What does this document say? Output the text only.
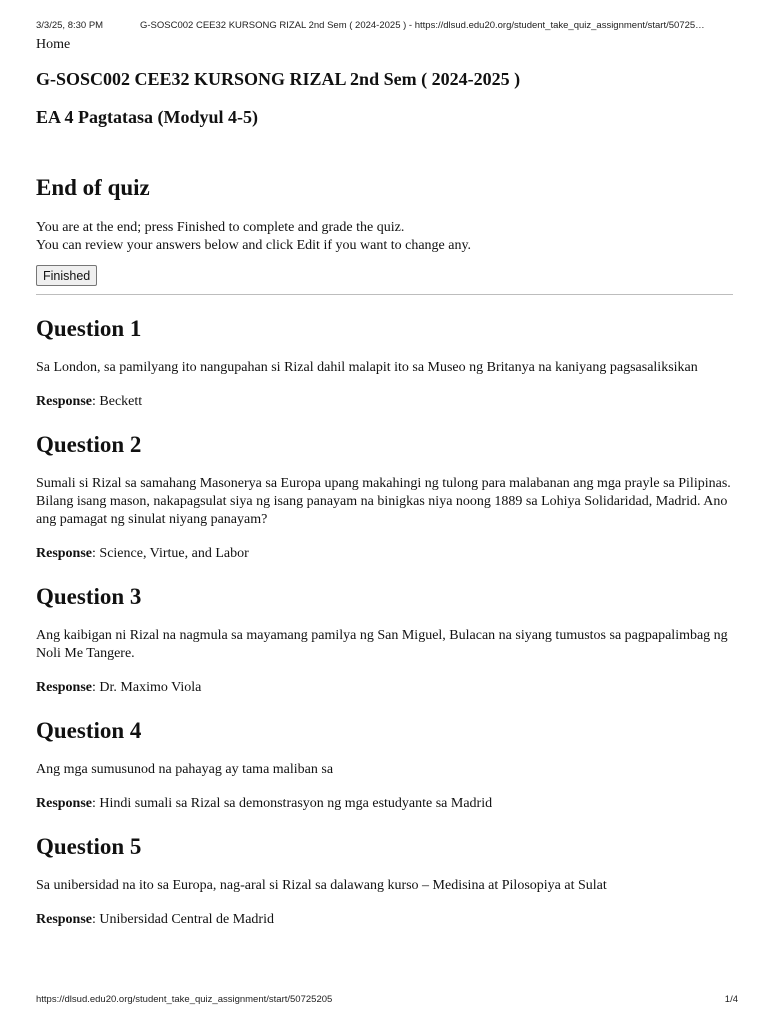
3/3/25, 8:30 PM	G-SOSC002 CEE32 KURSONG RIZAL 2nd Sem ( 2024-2025 ) - https://dlsud.edu20.org/student_take_quiz_assignment/start/50725…
Home
G-SOSC002 CEE32 KURSONG RIZAL 2nd Sem ( 2024-2025 )
EA 4 Pagtatasa (Modyul 4-5)
End of quiz

You are at the end; press Finished to complete and grade the quiz.

You can review your answers below and click Edit if you want to change any.

Finished
Question 1

Sa London, sa pamilyang ito nangupahan si Rizal dahil malapit ito sa Museo ng Britanya na kaniyang pagsasaliksikan

Response: Beckett

Question 2

Sumali si Rizal sa samahang Masonerya sa Europa upang makahingi ng tulong para malabanan ang mga prayle sa Pilipinas. Bilang isang mason, nakapagsulat siya ng isang panayam na binigkas niya noong 1889 sa Lohiya Solidaridad, Madrid. Ano ang pamagat ng sinulat niyang panayam?

Response: Science, Virtue, and Labor

Question 3

Ang kaibigan ni Rizal na nagmula sa mayamang pamilya ng San Miguel, Bulacan na siyang tumustos sa pagpapalimbag ng Noli Me Tangere.

Response: Dr. Maximo Viola

Question 4

Ang mga sumusunod na pahayag ay tama maliban sa

Response: Hindi sumali sa Rizal sa demonstrasyon ng mga estudyante sa Madrid

Question 5

Sa unibersidad na ito sa Europa, nag-aral si Rizal sa dalawang kurso – Medisina at Pilosopiya at Sulat

Response: Unibersidad Central de Madrid

https://dlsud.edu20.org/student_take_quiz_assignment/start/50725205	1/4
